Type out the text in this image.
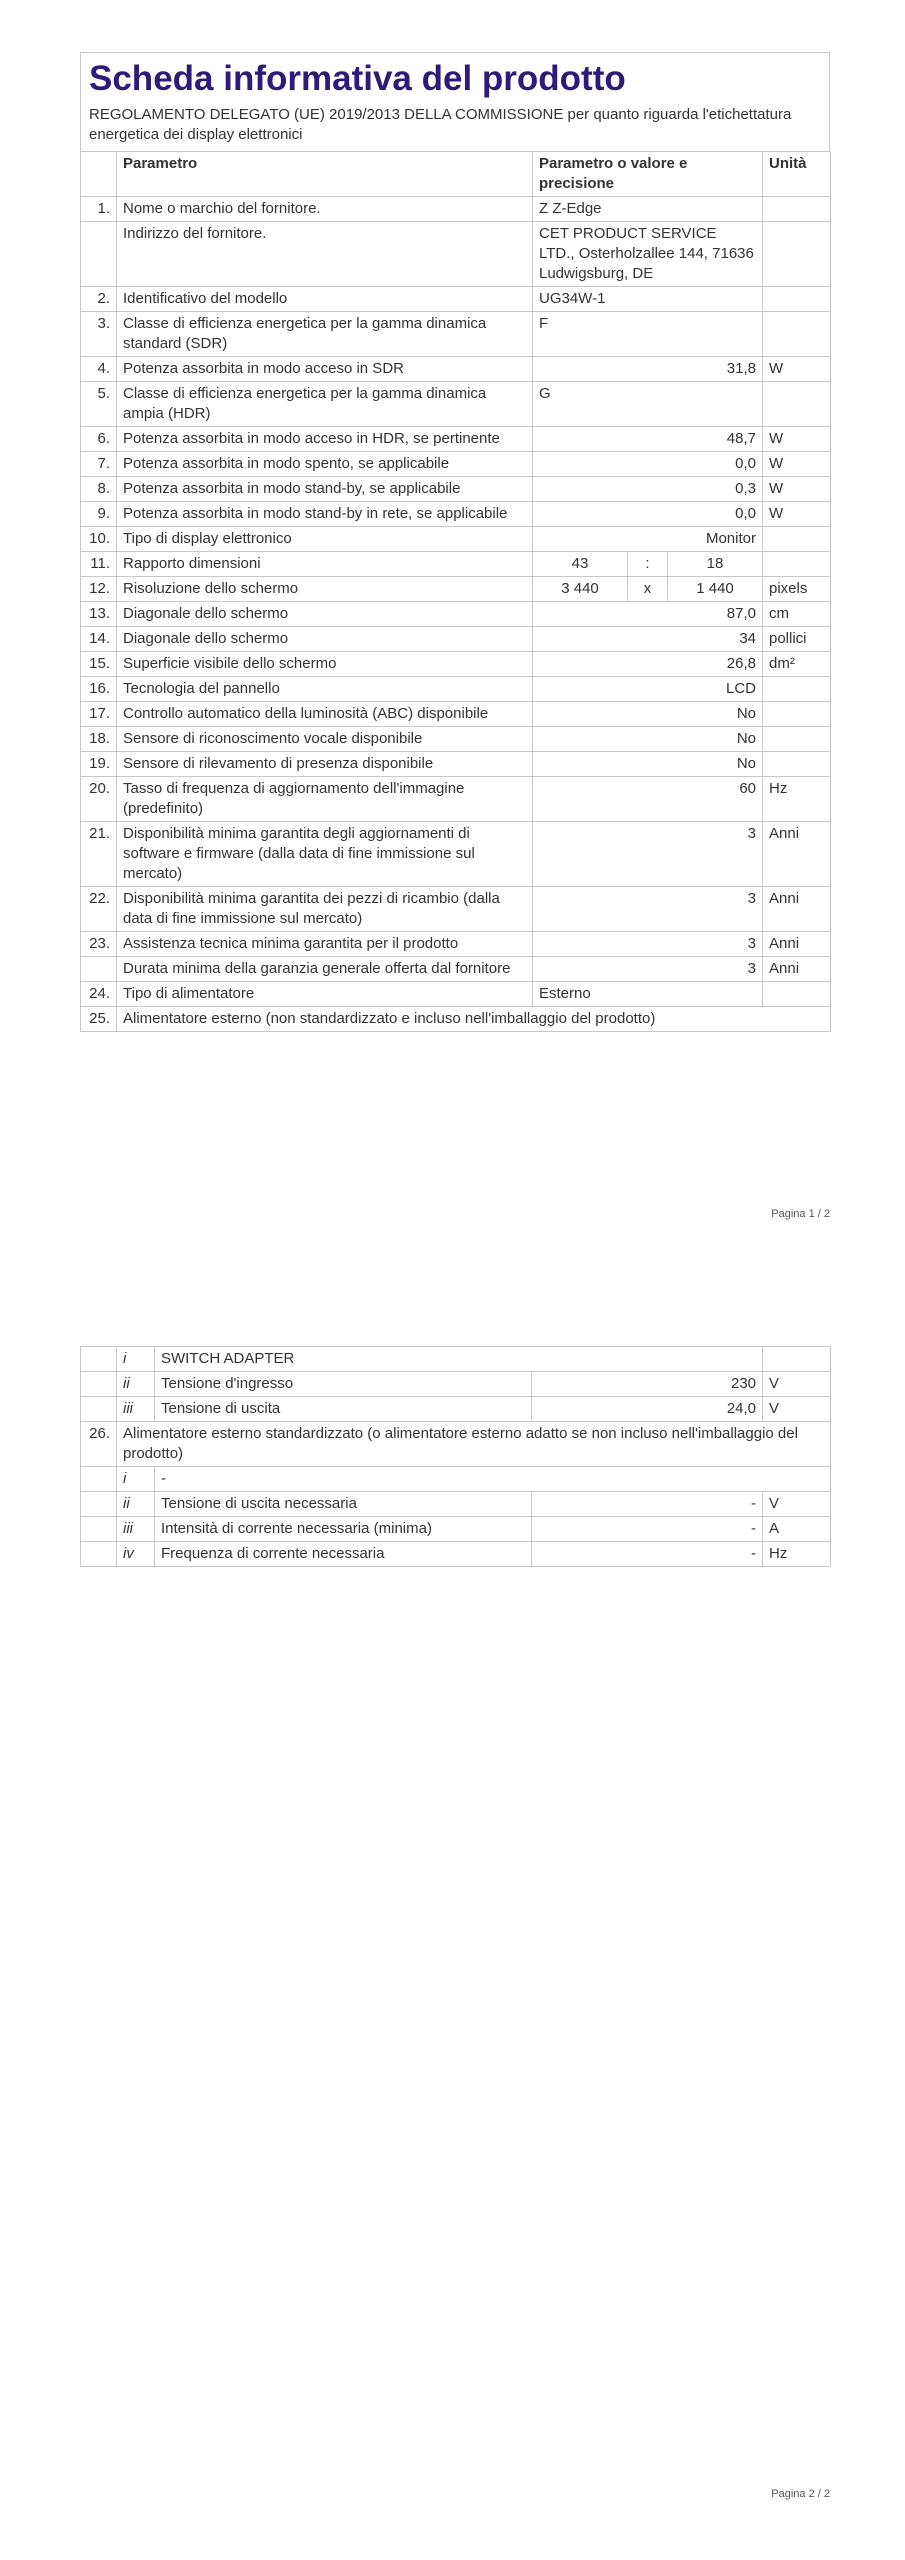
Scheda informativa del prodotto
REGOLAMENTO DELEGATO (UE) 2019/2013 DELLA COMMISSIONE per quanto riguarda l'etichettatura energetica dei display elettronici
	Parametro	Parametro o valore e precisione			Unità
1.	Nome o marchio del fornitore.	Z Z-Edge			
	Indirizzo del fornitore.	CET PRODUCT SERVICE LTD., Osterholzallee 144, 71636 Ludwigsburg, DE			
2.	Identificativo del modello	UG34W-1			
3.	Classe di efficienza energetica per la gamma dinamica standard (SDR)	F			
4.	Potenza assorbita in modo acceso in SDR	31,8			W
5.	Classe di efficienza energetica per la gamma dinamica ampia (HDR)	G			
6.	Potenza assorbita in modo acceso in HDR, se pertinente	48,7			W
7.	Potenza assorbita in modo spento, se applicabile	0,0			W
8.	Potenza assorbita in modo stand-by, se applicabile	0,3			W
9.	Potenza assorbita in modo stand-by in rete, se applicabile	0,0			W
10.	Tipo di display elettronico	Monitor			
11.	Rapporto dimensioni	43	:	18	
12.	Risoluzione dello schermo	3 440	x	1 440	pixels
13.	Diagonale dello schermo	87,0			cm
14.	Diagonale dello schermo	34			pollici
15.	Superficie visibile dello schermo	26,8			dm²
16.	Tecnologia del pannello	LCD			
17.	Controllo automatico della luminosità (ABC) disponibile	No			
18.	Sensore di riconoscimento vocale disponibile	No			
19.	Sensore di rilevamento di presenza disponibile	No			
20.	Tasso di frequenza di aggiornamento dell'immagine (predefinito)	60			Hz
21.	Disponibilità minima garantita degli aggiornamenti di software e firmware (dalla data di fine immissione sul mercato)	3			Anni
22.	Disponibilità minima garantita dei pezzi di ricambio (dalla data di fine immissione sul mercato)	3			Anni
23.	Assistenza tecnica minima garantita per il prodotto	3			Anni
	Durata minima della garanzia generale offerta dal fornitore	3			Anni
24.	Tipo di alimentatore	Esterno			
25.	Alimentatore esterno (non standardizzato e incluso nell'imballaggio del prodotto)				
Pagina 1 / 2
	i	SWITCH ADAPTER		
	ii	Tensione d'ingresso	230	V
	iii	Tensione di uscita	24,0	V
26.	Alimentatore esterno standardizzato (o alimentatore esterno adatto se non incluso nell'imballaggio del prodotto)			
	i	-		
	ii	Tensione di uscita necessaria	-	V
	iii	Intensità di corrente necessaria (minima)	-	A
	iv	Frequenza di corrente necessaria	-	Hz
Pagina 2 / 2
